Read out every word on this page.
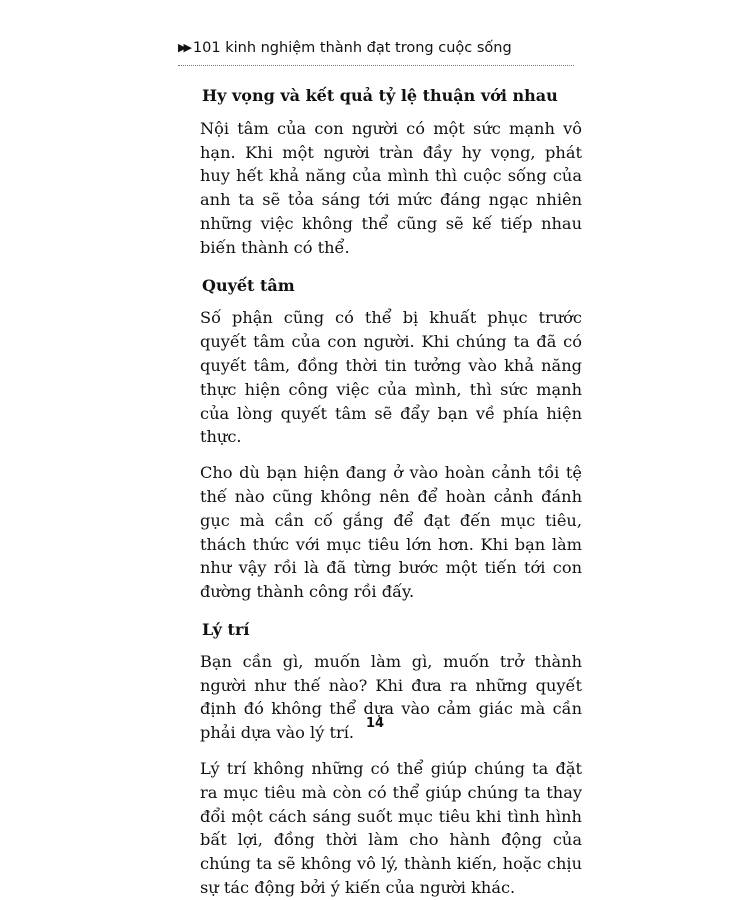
▶▶ 101 kinh nghiệm thành đạt trong cuộc sống
Hy vọng và kết quả tỷ lệ thuận với nhau

Nội tâm của con người có một sức mạnh vô hạn. Khi một người tràn đầy hy vọng, phát huy hết khả năng của mình thì cuộc sống của anh ta sẽ tỏa sáng tới mức đáng ngạc nhiên những việc không thể cũng sẽ kế tiếp nhau biến thành có thể.

Quyết tâm

Số phận cũng có thể bị khuất phục trước quyết tâm của con người. Khi chúng ta đã có quyết tâm, đồng thời tin tưởng vào khả năng thực hiện công việc của mình, thì sức mạnh của lòng quyết tâm sẽ đẩy bạn về phía hiện thực.

Cho dù bạn hiện đang ở vào hoàn cảnh tồi tệ thế nào cũng không nên để hoàn cảnh đánh gục mà cần cố gắng để đạt đến mục tiêu, thách thức với mục tiêu lớn hơn. Khi bạn làm như vậy rồi là đã từng bước một tiến tới con đường thành công rồi đấy.

Lý trí

Bạn cần gì, muốn làm gì, muốn trở thành người như thế nào? Khi đưa ra những quyết định đó không thể dựa vào cảm giác mà cần phải dựa vào lý trí.

Lý trí không những có thể giúp chúng ta đặt ra mục tiêu mà còn có thể giúp chúng ta thay đổi một cách sáng suốt mục tiêu khi tình hình bất lợi, đồng thời làm cho hành động của chúng ta sẽ không vô lý, thành kiến, hoặc chịu sự tác động bởi ý kiến của người khác.

14
